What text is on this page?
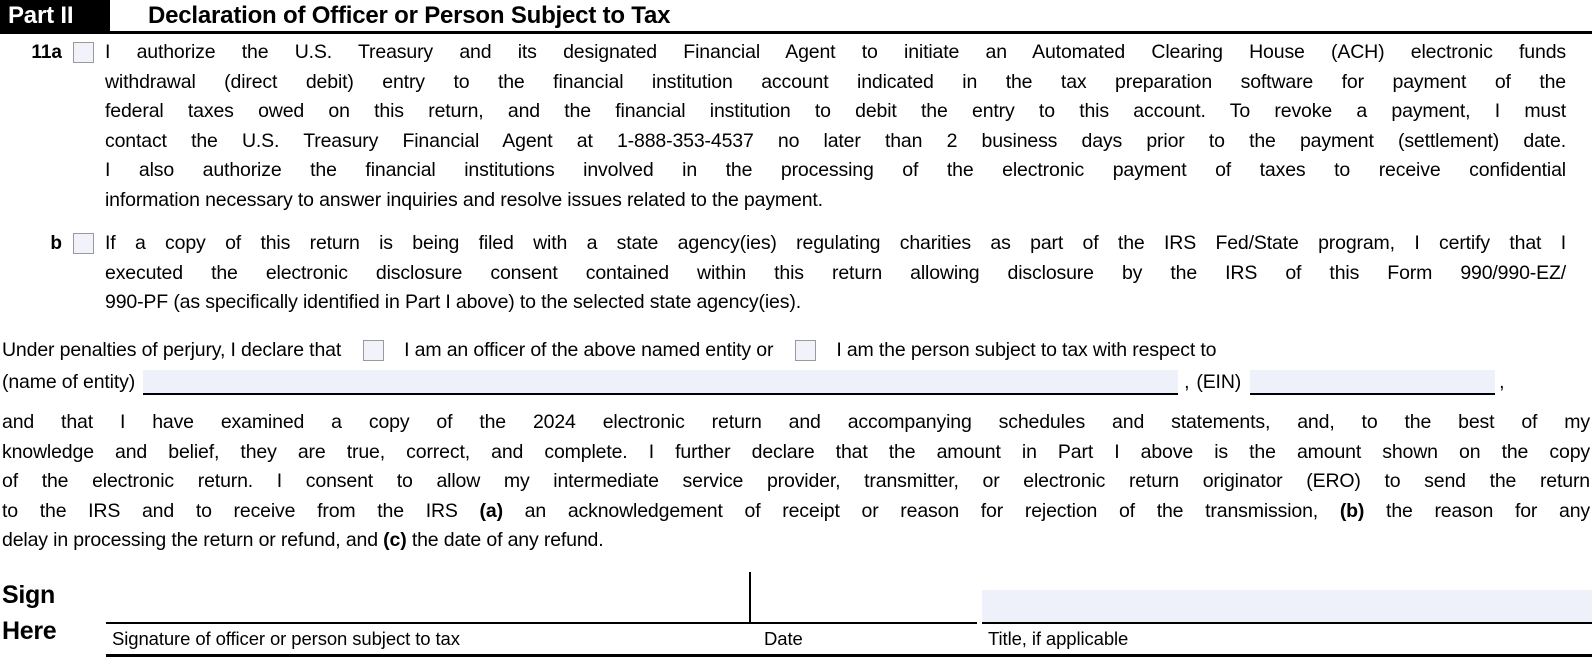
Part II	Declaration of Officer or Person Subject to Tax
11a I authorize the U.S. Treasury and its designated Financial Agent to initiate an Automated Clearing House (ACH) electronic funds
withdrawal (direct debit) entry to the financial institution account indicated in the tax preparation software for payment of the
federal taxes owed on this return, and the financial institution to debit the entry to this account. To revoke a payment, I must
contact the U.S. Treasury Financial Agent at 1-888-353-4537 no later than 2 business days prior to the payment (settlement) date.
I also authorize the financial institutions involved in the processing of the electronic payment of taxes to receive confidential
information necessary to answer inquiries and resolve issues related to the payment.
b If a copy of this return is being filed with a state agency(ies) regulating charities as part of the IRS Fed/State program, I certify that I
executed the electronic disclosure consent contained within this return allowing disclosure by the IRS of this Form 990/990-EZ/
990-PF (as specifically identified in Part I above) to the selected state agency(ies).
Under penalties of perjury, I declare that	I am an officer of the above named entity or	I am the person subject to tax with respect to
(name of entity)	, (EIN)	,
and that I have examined a copy of the 2024 electronic return and accompanying schedules and statements, and, to the best of my
knowledge and belief, they are true, correct, and complete. I further declare that the amount in Part I above is the amount shown on the copy
of the electronic return. I consent to allow my intermediate service provider, transmitter, or electronic return originator (ERO) to send the return
to the IRS and to receive from the IRS (a) an acknowledgement of receipt or reason for rejection of the transmission, (b) the reason for any
delay in processing the return or refund, and (c) the date of any refund.
Sign
Here	Signature of officer or person subject to tax	Date	Title, if applicable
